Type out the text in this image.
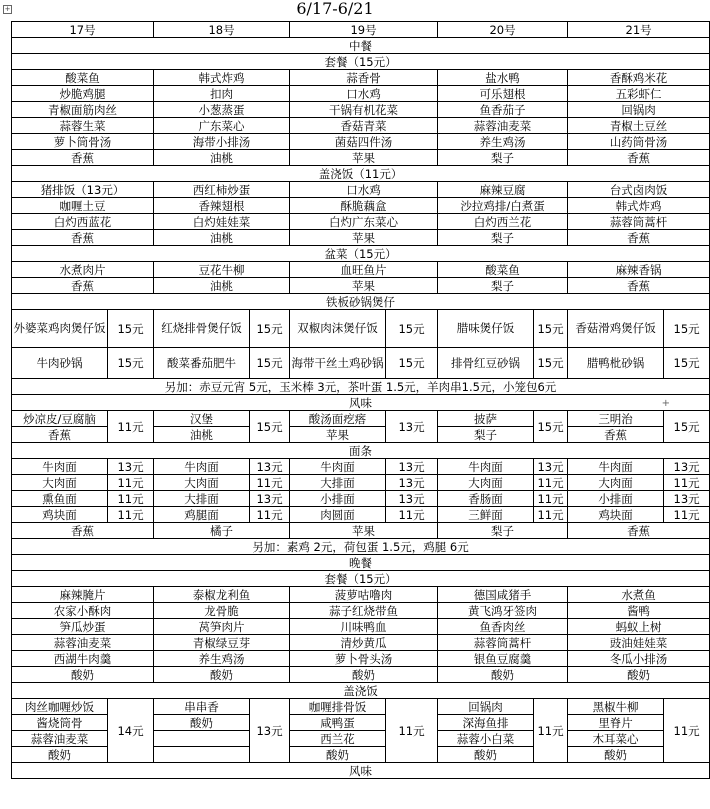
+	6/17-6/21
+
17号		18号		19号		20号		21号	
中餐									
套餐（15元）									
酸菜鱼		韩式炸鸡		蒜香骨		盐水鸭		香酥鸡米花	
炒脆鸡腿		扣肉		口水鸡		可乐翅根		五彩虾仁	
青椒面筋肉丝		小葱蒸蛋		干锅有机花菜		鱼香茄子		回锅肉	
蒜蓉生菜		广东菜心		香菇青菜		蒜蓉油麦菜		青椒土豆丝	
萝卜筒骨汤		海带小排汤		菌菇四件汤		养生鸡汤		山药筒骨汤	
香蕉		油桃		苹果		梨子		香蕉	
盖浇饭（11元）									
猪排饭（13元）		西红柿炒蛋		口水鸡		麻辣豆腐		台式卤肉饭	
咖喱土豆		香辣翅根		酥脆藕盒		沙拉鸡排/白煮蛋		韩式炸鸡	
白灼西蓝花		白灼娃娃菜		白灼广东菜心		白灼西兰花		蒜蓉筒蒿杆	
香蕉		油桃		苹果		梨子		香蕉	
盆菜（15元）									
水煮肉片		豆花牛柳		血旺鱼片		酸菜鱼		麻辣香锅	
香蕉		油桃		苹果		梨子		香蕉	
铁板砂锅煲仔									
外婆菜鸡肉煲仔饭	15元	红烧排骨煲仔饭	15元	双椒肉沫煲仔饭	15元	腊味煲仔饭	15元	香菇滑鸡煲仔饭	15元
牛肉砂锅	15元	酸菜番茄肥牛	15元	海带干丝土鸡砂锅	15元	排骨红豆砂锅	15元	腊鸭枇砂锅	15元
另加：赤豆元宵 5元，玉米棒 3元，茶叶蛋 1.5元，羊肉串1.5元，小笼包6元									
风味									
炒凉皮/豆腐脑	11元	汉堡	15元	酸汤面疙瘩	13元	披萨	15元	三明治	15元
香蕉		油桃		苹果		梨子		香蕉	
面条									
牛肉面	13元	牛肉面	13元	牛肉面	13元	牛肉面	13元	牛肉面	13元
大肉面	11元	大肉面	11元	大排面	13元	大肉面	11元	大肉面	11元
熏鱼面	11元	大排面	13元	小排面	13元	香肠面	11元	小排面	13元
鸡块面	11元	鸡腿面	11元	肉圆面	11元	三鲜面	11元	鸡块面	11元
香蕉		橘子		苹果		梨子		香蕉	
另加：素鸡 2元，荷包蛋 1.5元，鸡腿 6元									
晚餐									
套餐（15元）									
麻辣腌片		泰椒龙利鱼		菠萝咕噜肉		德国咸猪手		水煮鱼	
农家小酥肉		龙骨脆		蒜子红烧带鱼		黄飞鸿牙签肉		酱鸭	
笋瓜炒蛋		莴笋肉片		川味鸭血		鱼香肉丝		蚂蚁上树	
蒜蓉油麦菜		青椒绿豆芽		清炒黄瓜		蒜蓉筒蒿杆		豉油娃娃菜	
西湖牛肉羹		养生鸡汤		萝卜骨头汤		银鱼豆腐羹		冬瓜小排汤	
酸奶		酸奶		酸奶		酸奶		酸奶	
盖浇饭									
肉丝咖喱炒饭	14元	串串香	13元	咖喱排骨饭	11元	回锅肉	11元	黑椒牛柳	11元
酱烧筒骨		酸奶		咸鸭蛋		深海鱼排		里脊片	
蒜蓉油麦菜				西兰花		蒜蓉小白菜		木耳菜心	
酸奶				酸奶		酸奶		酸奶	
风味									
